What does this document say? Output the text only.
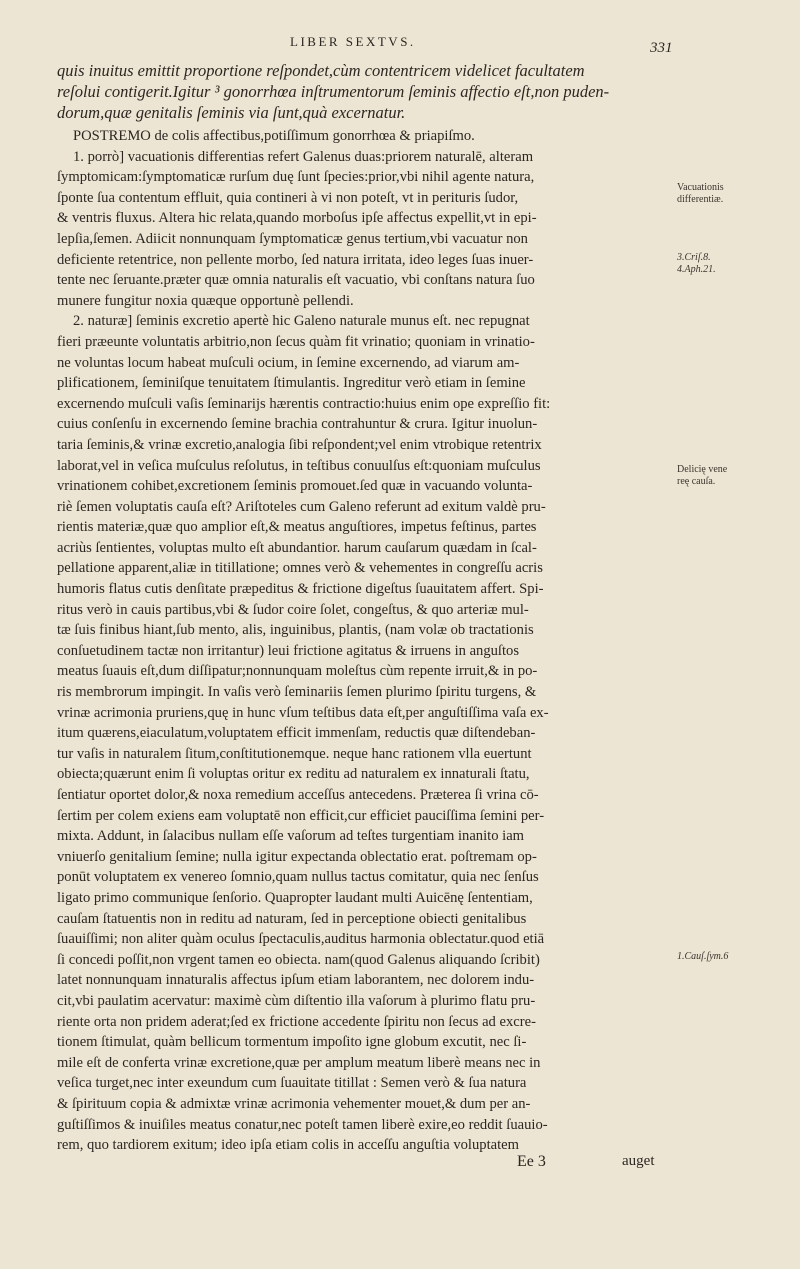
LIBER SEXTVS.	331
quis inuitus emittit proportione reſpondet,cùm contentricem videlicet facultatem
reſolui contigerit.Igitur ³ gonorrhœa inſtrumentorum ſeminis affectio eſt,non puden-
dorum,quæ genitalis ſeminis via ſunt,quà excernatur.
POSTREMO de colis affectibus,potiſſimum gonorrhœa & priapiſmo.
1. porrò] vacuationis differentias refert Galenus duas:priorem naturalē, alteram
ſymptomicam:ſymptomaticæ rurſum duę ſunt ſpecies:prior,vbi nihil agente natura,
ſponte ſua contentum effluit, quia contineri à vi non poteſt, vt in perituris ſudor,
& ventris fluxus. Altera hic relata,quando morboſus ipſe affectus expellit,vt in epi-
lepſia,ſemen. Adiicit nonnunquam ſymptomaticæ genus tertium,vbi vacuatur non
deficiente retentrice, non pellente morbo, ſed natura irritata, ideo leges ſuas inuer-
tente nec ſeruante.præter quæ omnia naturalis eſt vacuatio, vbi conſtans natura ſuo
munere fungitur noxia quæque opportunè pellendi.
2. naturæ] ſeminis excretio apertè hic Galeno naturale munus eſt. nec repugnat
fieri præeunte voluntatis arbitrio,non ſecus quàm fit vrinatio; quoniam in vrinatio-
ne voluntas locum habeat muſculi ocium, in ſemine excernendo, ad viarum am-
plificationem, ſeminiſque tenuitatem ſtimulantis. Ingreditur verò etiam in ſemine
excernendo muſculi vaſis ſeminarijs hærentis contractio:huius enim ope expreſſio fit:
cuius conſenſu in excernendo ſemine brachia contrahuntur & crura. Igitur inuolun-
taria ſeminis,& vrinæ excretio,analogia ſibi reſpondent;vel enim vtrobique retentrix
laborat,vel in veſica muſculus reſolutus, in teſtibus conuulſus eſt:quoniam muſculus
vrinationem cohibet,excretionem ſeminis promouet.ſed quæ in vacuando volunta-
riè ſemen voluptatis cauſa eſt? Ariſtoteles cum Galeno referunt ad exitum valdè pru-
rientis materiæ,quæ quo amplior eſt,& meatus anguſtiores, impetus feſtinus, partes
acriùs ſentientes, voluptas multo eſt abundantior. harum cauſarum quædam in ſcal-
pellatione apparent,aliæ in titillatione; omnes verò & vehementes in congreſſu acris
humoris flatus cutis denſitate præpeditus & frictione digeſtus ſuauitatem affert. Spi-
ritus verò in cauis partibus,vbi & ſudor coire ſolet, congeſtus, & quo arteriæ mul-
tæ ſuis finibus hiant,ſub mento, alis, inguinibus, plantis, (nam volæ ob tractationis
conſuetudinem tactæ non irritantur) leui frictione agitatus & irruens in anguſtos
meatus ſuauis eſt,dum diſſipatur;nonnunquam moleſtus cùm repente irruit,& in po-
ris membrorum impingit. In vaſis verò ſeminariis ſemen plurimo ſpiritu turgens, &
vrinæ acrimonia pruriens,quę in hunc vſum teſtibus data eſt,per anguſtiſſima vaſa ex-
itum quærens,eiaculatum,voluptatem efficit immenſam, reductis quæ diſtendeban-
tur vaſis in naturalem ſitum,conſtitutionemque. neque hanc rationem vlla euertunt
obiecta;quærunt enim ſi voluptas oritur ex reditu ad naturalem ex innaturali ſtatu,
ſentiatur oportet dolor,& noxa remedium acceſſus antecedens. Præterea ſi vrina cō-
ſertim per colem exiens eam voluptatē non efficit,cur efficiet pauciſſima ſemini per-
mixta. Addunt, in ſalacibus nullam eſſe vaſorum ad teſtes turgentiam inanito iam
vniuerſo genitalium ſemine; nulla igitur expectanda oblectatio erat. poſtremam op-
ponūt voluptatem ex venereo ſomnio,quam nullus tactus comitatur, quia nec ſenſus
ligato primo communique ſenſorio. Quapropter laudant multi Auicēnę ſententiam,
cauſam ſtatuentis non in reditu ad naturam, ſed in perceptione obiecti genitalibus
ſuauiſſimi; non aliter quàm oculus ſpectaculis,auditus harmonia oblectatur.quod etiā
ſi concedi poſſit,non vrgent tamen eo obiecta. nam(quod Galenus aliquando ſcribit)
latet nonnunquam innaturalis affectus ipſum etiam laborantem, nec dolorem indu-
cit,vbi paulatim acervatur: maximè cùm diſtentio illa vaſorum à plurimo flatu pru-
riente orta non pridem aderat;ſed ex frictione accedente ſpiritu non ſecus ad excre-
tionem ſtimulat, quàm bellicum tormentum impoſito igne globum excutit, nec ſi-
mile eſt de conferta vrinæ excretione,quæ per amplum meatum liberè means nec in
veſica turget,nec inter exeundum cum ſuauitate titillat : Semen verò & ſua natura
& ſpirituum copia & admixtæ vrinæ acrimonia vehementer mouet,& dum per an-
guſtiſſimos & inuiſiles meatus conatur,nec poteſt tamen liberè exire,eo reddit ſuauio-
rem, quo tardiorem exitum; ideo ipſa etiam colis in acceſſu anguſtia voluptatem
Vacuationis
differentiæ.
3.Criſ.8.
4.Aph.21.
Delicię vene
reę cauſa.
1.Cauſ.ſym.6
Ee 3	auget
